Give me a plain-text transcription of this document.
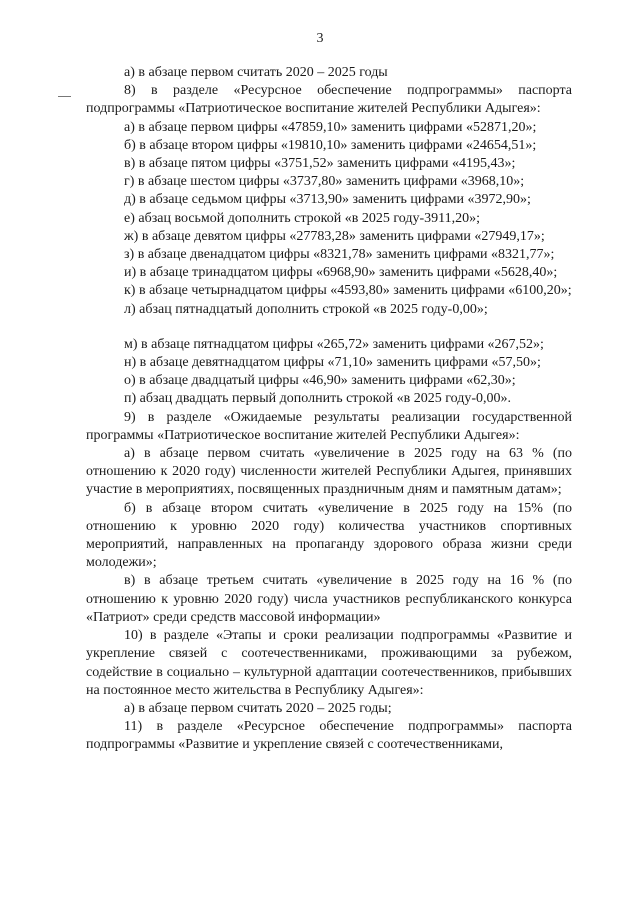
3

а) в абзаце первом считать 2020 – 2025 годы

8) в разделе «Ресурсное обеспечение подпрограммы» паспорта подпрограммы «Патриотическое воспитание жителей Республики Адыгея»:

а) в абзаце первом цифры «47859,10» заменить цифрами «52871,20»;

б) в абзаце втором цифры «19810,10» заменить цифрами «24654,51»;

в) в абзаце пятом цифры «3751,52» заменить цифрами «4195,43»;

г) в абзаце шестом цифры «3737,80» заменить цифрами «3968,10»;

д) в абзаце седьмом цифры «3713,90» заменить цифрами «3972,90»;

е) абзац восьмой дополнить строкой «в 2025 году-3911,20»;

ж) в абзаце девятом цифры «27783,28» заменить цифрами «27949,17»;

з) в абзаце двенадцатом цифры «8321,78» заменить цифрами «8321,77»;

и) в абзаце тринадцатом цифры «6968,90» заменить цифрами «5628,40»;

к) в абзаце четырнадцатом цифры «4593,80» заменить цифрами «6100,20»;

л) абзац пятнадцатый дополнить строкой «в 2025 году-0,00»;

м) в абзаце пятнадцатом цифры «265,72» заменить цифрами «267,52»;

н) в абзаце девятнадцатом цифры «71,10» заменить цифрами «57,50»;

о) в абзаце двадцатый цифры «46,90» заменить цифрами «62,30»;

п) абзац двадцать первый дополнить строкой «в 2025 году-0,00».

9) в разделе «Ожидаемые результаты реализации государственной программы «Патриотическое воспитание жителей Республики Адыгея»:

а) в абзаце первом считать «увеличение в 2025 году на 63 % (по отношению к 2020 году) численности жителей Республики Адыгея, принявших участие в мероприятиях, посвященных праздничным дням и памятным датам»;

б) в абзаце втором считать «увеличение в 2025 году на 15% (по отношению к уровню 2020 году) количества участников спортивных мероприятий, направленных на пропаганду здорового образа жизни среди молодежи»;

в) в абзаце третьем считать «увеличение в 2025 году на 16 % (по отношению к уровню 2020 году) числа участников республиканского конкурса «Патриот» среди средств массовой информации»

10) в разделе «Этапы и сроки реализации подпрограммы «Развитие и укрепление связей с соотечественниками, проживающими за рубежом, содействие в социально – культурной адаптации соотечественников, прибывших на постоянное место жительства в Республику Адыгея»:

а) в абзаце первом считать 2020 – 2025 годы;

11) в разделе «Ресурсное обеспечение подпрограммы» паспорта подпрограммы «Развитие и укрепление связей с соотечественниками,
